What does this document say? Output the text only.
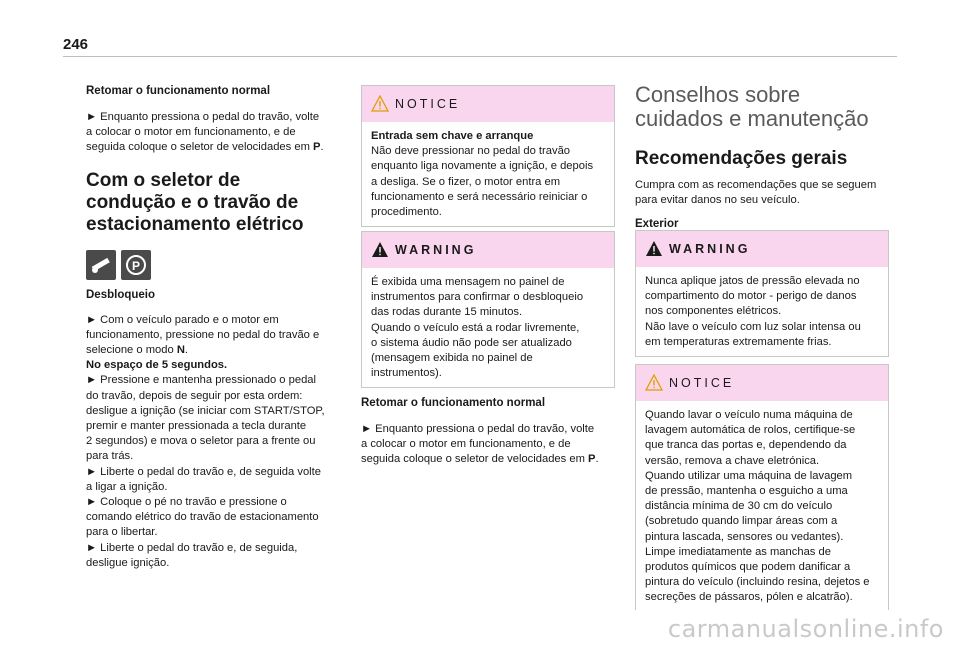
246

Retomar o funcionamento normal

► Enquanto pressiona o pedal do travão, volte
a colocar o motor em funcionamento, e de
seguida coloque o seletor de velocidades em P.

Com o seletor de
condução e o travão de
estacionamento elétrico

P

Desbloqueio

► Com o veículo parado e o motor em
funcionamento, pressione no pedal do travão e
selecione o modo N.

No espaço de 5 segundos.

► Pressione e mantenha pressionado o pedal
do travão, depois de seguir por esta ordem:
desligue a ignição (se iniciar com START/STOP,
premir e manter pressionada a tecla durante
2 segundos) e mova o seletor para a frente ou
para trás.
► Liberte o pedal do travão e, de seguida volte
a ligar a ignição.
► Coloque o pé no travão e pressione o
comando elétrico do travão de estacionamento
para o libertar.
► Liberte o pedal do travão e, de seguida,
desligue ignição.

NOTICE

Entrada sem chave e arranque

Não deve pressionar no pedal do travão
enquanto liga novamente a ignição, e depois
a desliga. Se o fizer, o motor entra em
funcionamento e será necessário reiniciar o
procedimento.

WARNING

É exibida uma mensagem no painel de
instrumentos para confirmar o desbloqueio
das rodas durante 15 minutos.
Quando o veículo está a rodar livremente,
o sistema áudio não pode ser atualizado
(mensagem exibida no painel de
instrumentos).

Retomar o funcionamento normal

► Enquanto pressiona o pedal do travão, volte
a colocar o motor em funcionamento, e de
seguida coloque o seletor de velocidades em P.

Conselhos sobre
cuidados e manutenção

Recomendações gerais

Cumpra com as recomendações que se seguem
para evitar danos no seu veículo.

Exterior

WARNING

Nunca aplique jatos de pressão elevada no
compartimento do motor - perigo de danos
nos componentes elétricos.
Não lave o veículo com luz solar intensa ou
em temperaturas extremamente frias.

NOTICE

Quando lavar o veículo numa máquina de
lavagem automática de rolos, certifique-se
que tranca das portas e, dependendo da
versão, remova a chave eletrónica.
Quando utilizar uma máquina de lavagem
de pressão, mantenha o esguicho a uma
distância mínima de 30 cm do veículo
(sobretudo quando limpar áreas com a
pintura lascada, sensores ou vedantes).
Limpe imediatamente as manchas de
produtos químicos que podem danificar a
pintura do veículo (incluindo resina, dejetos e
secreções de pássaros, pólen e alcatrão).

carmanualsonline.info
